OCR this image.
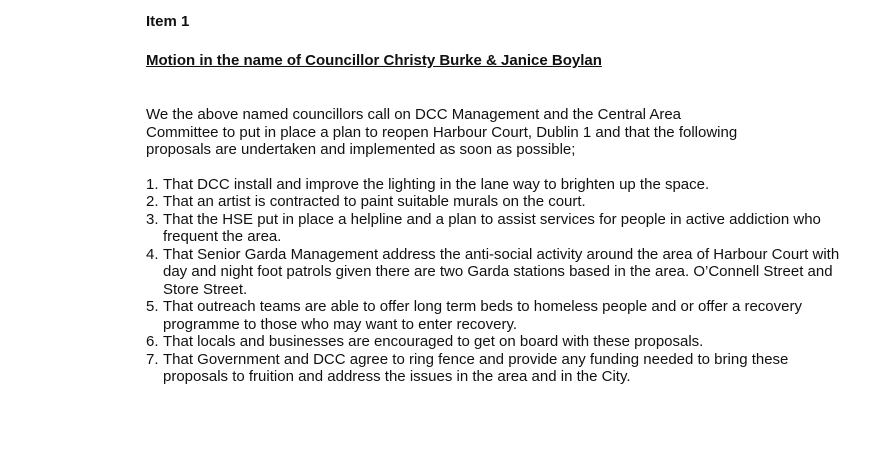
Item 1
Motion in the name of Councillor Christy Burke & Janice Boylan

We the above named councillors call on DCC Management and the Central Area Committee to put in place a plan to reopen Harbour Court, Dublin 1 and that the following proposals are undertaken and implemented as soon as possible;

1. That DCC install and improve the lighting in the lane way to brighten up the space.
2. That an artist is contracted to paint suitable murals on the court.
3. That the HSE put in place a helpline and a plan to assist services for people in active addiction who frequent the area.
4. That Senior Garda Management address the anti-social activity around the area of Harbour Court with day and night foot patrols given there are two Garda stations based in the area. O’Connell Street and Store Street.
5. That outreach teams are able to offer long term beds to homeless people and or offer a recovery programme to those who may want to enter recovery.
6. That locals and businesses are encouraged to get on board with these proposals.
7. That Government and DCC agree to ring fence and provide any funding needed to bring these proposals to fruition and address the issues in the area and in the City.
